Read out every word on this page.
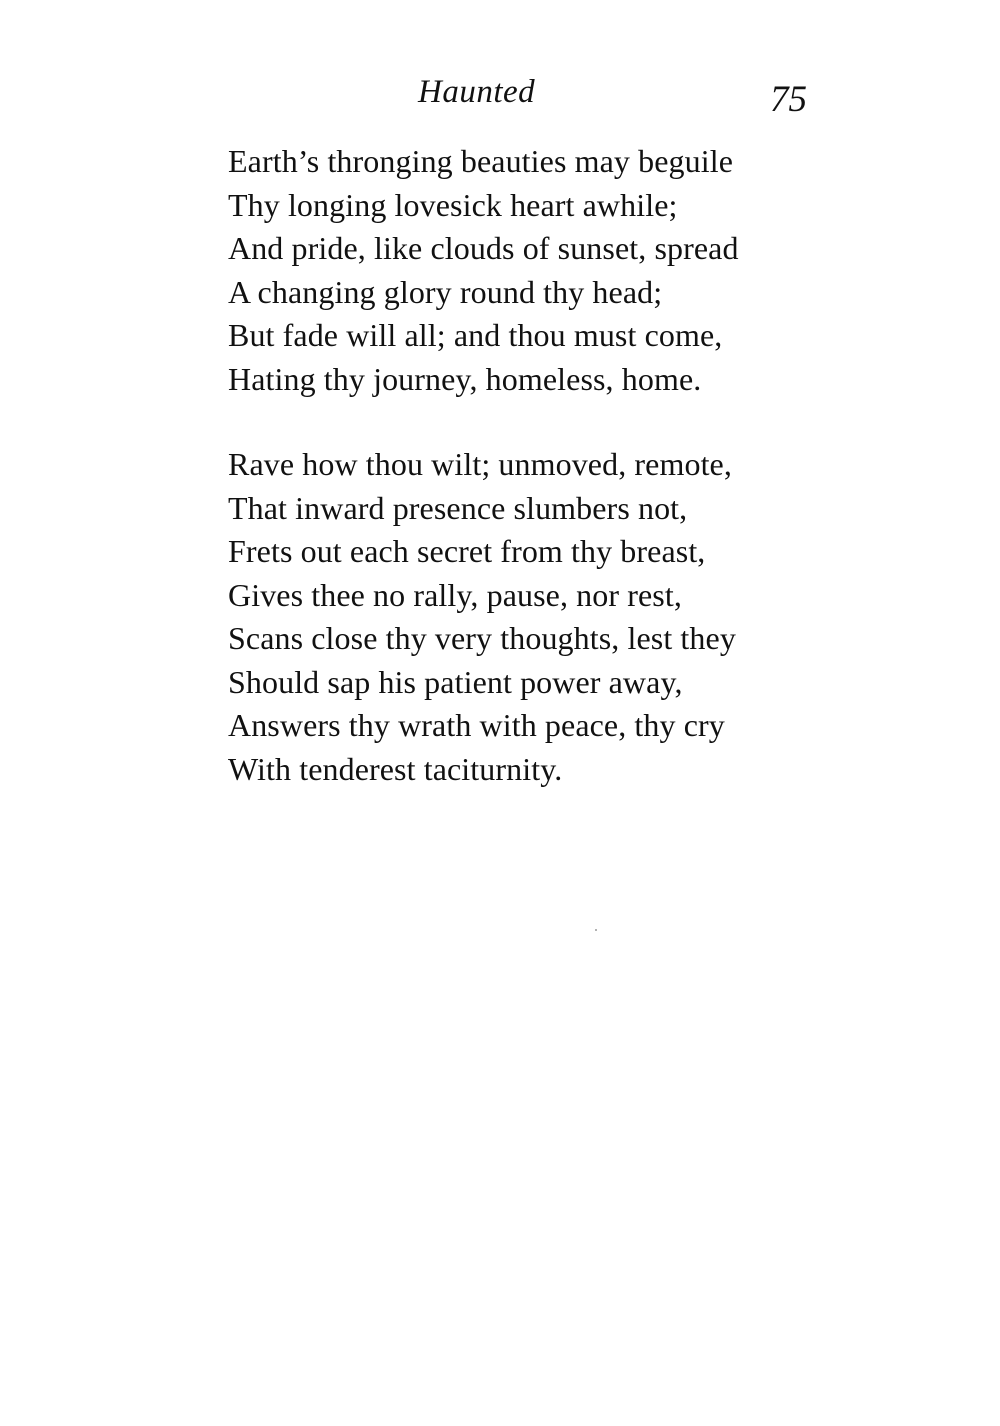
Haunted	75
Earth’s thronging beauties may beguile
Thy longing lovesick heart awhile;
And pride, like clouds of sunset, spread
A changing glory round thy head;
But fade will all; and thou must come,
Hating thy journey, homeless, home.
Rave how thou wilt; unmoved, remote,
That inward presence slumbers not,
Frets out each secret from thy breast,
Gives thee no rally, pause, nor rest,
Scans close thy very thoughts, lest they
Should sap his patient power away,
Answers thy wrath with peace, thy cry
With tenderest taciturnity.
